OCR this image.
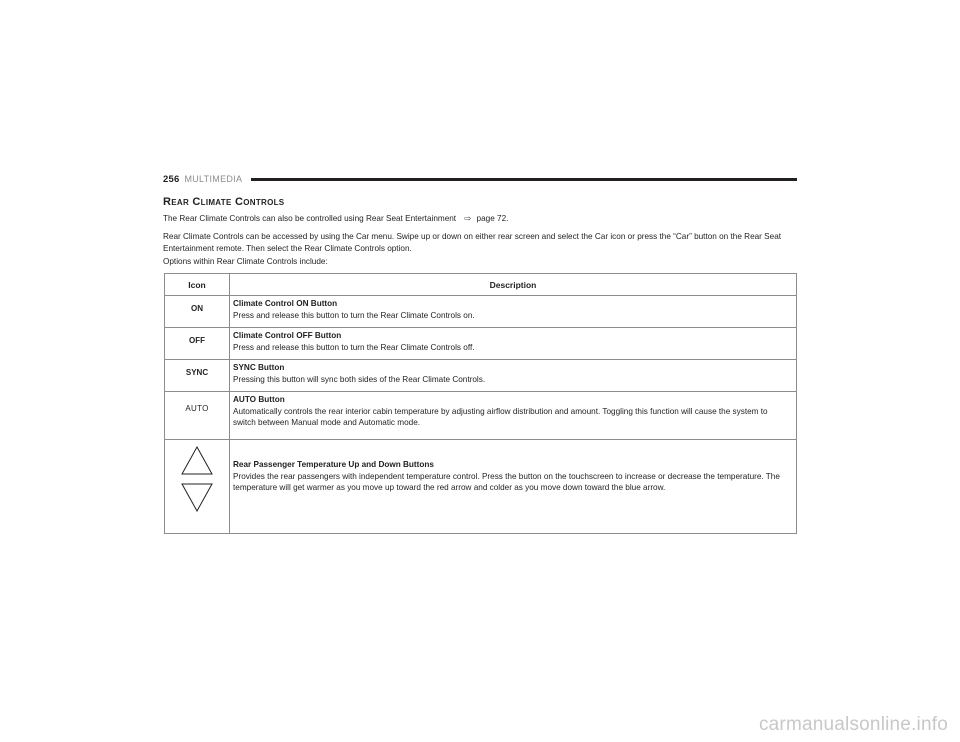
256 MULTIMEDIA
Rear Climate Controls

The Rear Climate Controls can also be controlled using Rear Seat Entertainment ⇨ page 72.

Rear Climate Controls can be accessed by using the Car menu. Swipe up or down on either rear screen and select the Car icon or press the “Car” button on the Rear Seat Entertainment remote. Then select the Rear Climate Controls option.

Options within Rear Climate Controls include:

Icon	Description
ON	Climate Control ON Button
Press and release this button to turn the Rear Climate Controls on.

OFF	Climate Control OFF Button
Press and release this button to turn the Rear Climate Controls off.

SYNC	SYNC Button
Pressing this button will sync both sides of the Rear Climate Controls.

AUTO	AUTO Button
Automatically controls the rear interior cabin temperature by adjusting airflow distribution and amount. Toggling this function will cause the system to switch between Manual mode and Automatic mode.

Rear Passenger Temperature Up and Down Buttons
Provides the rear passengers with independent temperature control. Press the button on the touchscreen to increase or decrease the temperature. The temperature will get warmer as you move up toward the red arrow and colder as you move down toward the blue arrow.
carmanualsonline.info
